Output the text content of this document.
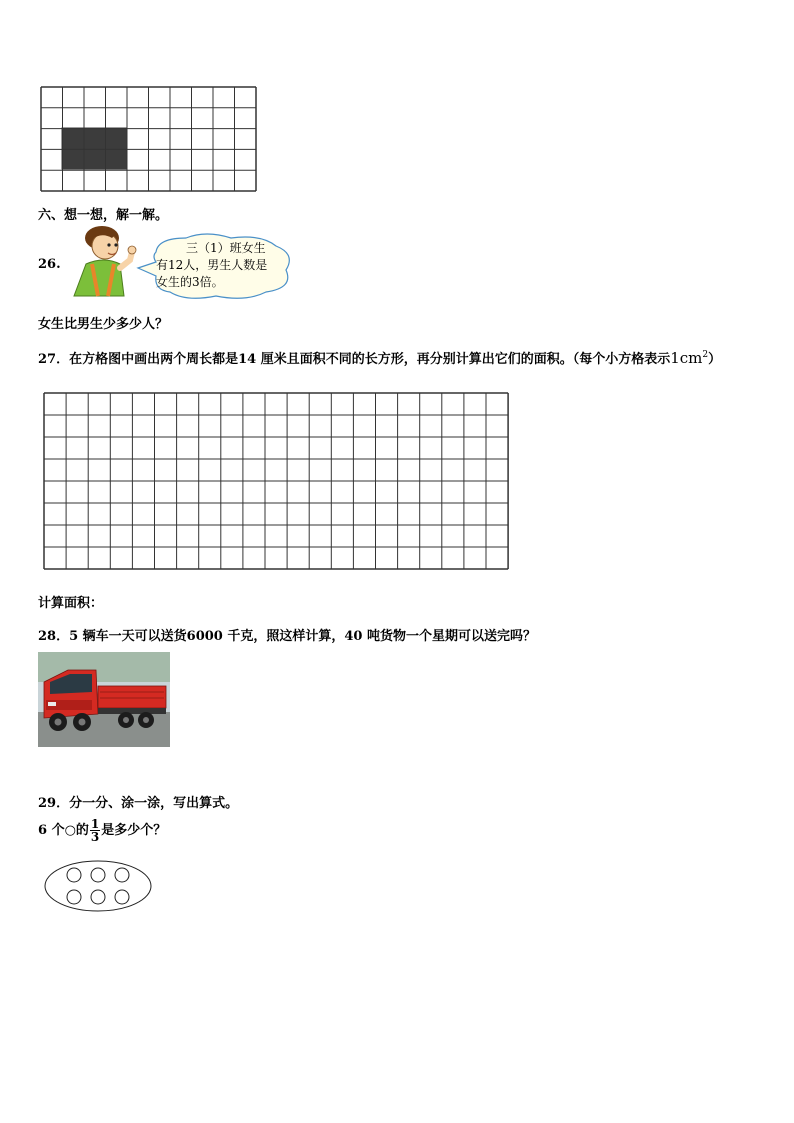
六、想一想，解一解。
26.
三（1）班女生
有12人，男生人数是
女生的3倍。
女生比男生少多少人？
27．在方格图中画出两个周长都是14 厘米且面积不同的长方形，再分别计算出它们的面积。（每个小方格表示$1cm^2$）
计算面积：
28．5 辆车一天可以送货6000 千克，照这样计算，40 吨货物一个星期可以送完吗？
29．分一分、涂一涂，写出算式。
6 个○的 $\frac{1}{3}$ 是多少个？
